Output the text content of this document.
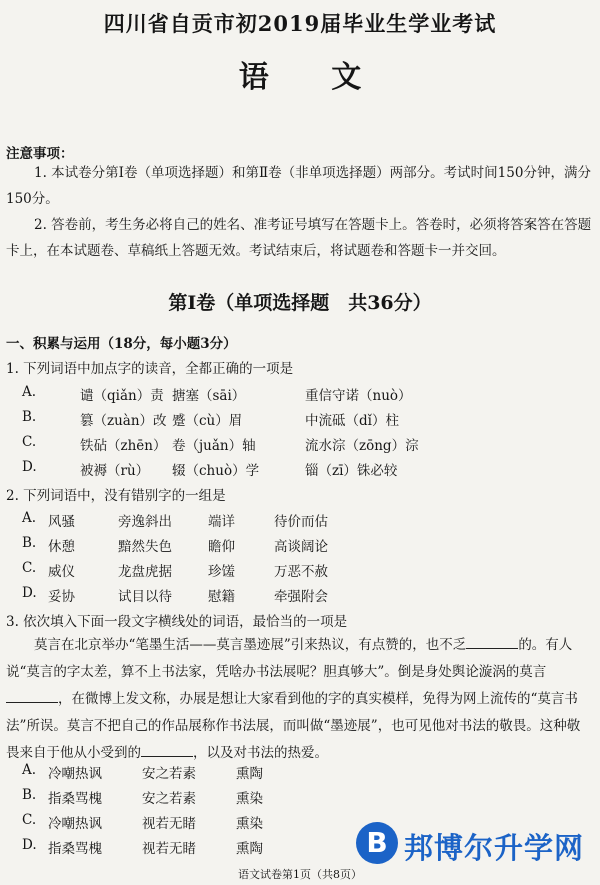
四川省自贡市初2019届毕业生学业考试
语 文
注意事项：

1. 本试卷分第Ⅰ卷（单项选择题）和第Ⅱ卷（非单项选择题）两部分。考试时间150分钟，满分150分。

2. 答卷前，考生务必将自己的姓名、准考证号填写在答题卡上。答卷时，必须将答案答在答题卡上，在本试题卷、草稿纸上答题无效。考试结束后，将试题卷和答题卡一并交回。

第Ⅰ卷（单项选择题　共36分）
一、积累与运用（18分，每小题3分）
1. 下列词语中加点字的读音，全都正确的一项是
A.	谴（qiǎn）责 搪塞（sāi）	重信守诺（nuò）
B.	篡（zuàn）改 蹙（cù）眉	中流砥（dǐ）柱
C.	铁砧（zhēn） 卷（juǎn）轴	流水淙（zōng）淙
D.	被褥（rù） 辍（chuò）学	锱（zī）铢必较
2. 下列词语中，没有错别字的一组是
A. 风骚	旁逸斜出	端详	待价而估
B. 休憩	黯然失色	瞻仰	高谈阔论
C. 威仪	龙盘虎据	珍馐	万恶不赦
D. 妥协	试目以待	慰籍	牵强附会
3. 依次填入下面一段文字横线处的词语，最恰当的一项是

莫言在北京举办“笔墨生活——莫言墨迹展”引来热议，有点赞的，也不乏	的。有人说“莫言的字太差，算不上书法家，凭啥办书法展呢？胆真够大”。倒是身处舆论漩涡的莫言，在微博上发文称，办展是想让大家看到他的字的真实模样，免得为网上流传的“莫言书法”所误。莫言不把自己的作品展称作书法展，而叫做“墨迹展”，也可见他对书法的敬畏。这种敬畏来自于他从小受到的	，以及对书法的热爱。

A. 冷嘲热讽	安之若素	熏陶
B. 指桑骂槐	安之若素	熏染
C. 冷嘲热讽	视若无睹	熏染
D. 指桑骂槐	视若无睹	熏陶	B 邦博尔升学网
语文试卷第1页（共8页）
